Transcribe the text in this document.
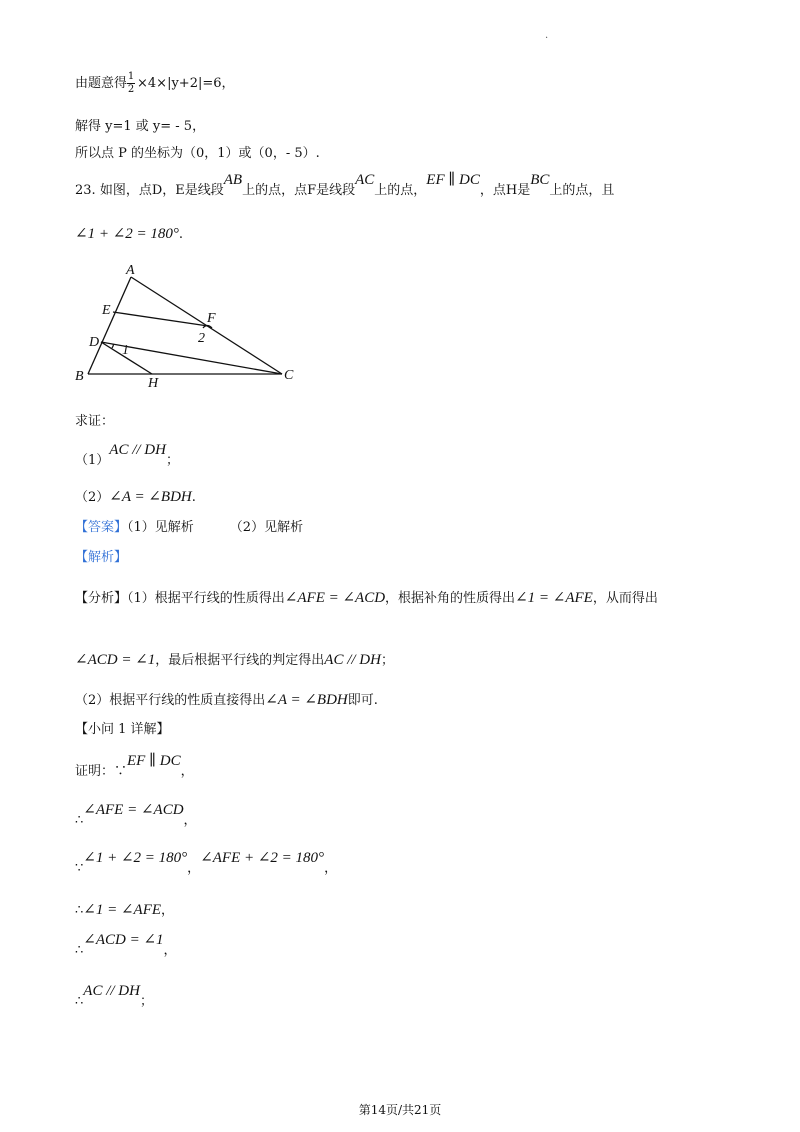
.
由题意得 $\frac{1}{2} \times 4\times|y+2|=6$，
解得 y=1 或 y= - 5，
所以点 P 的坐标为（0，1）或（0，- 5）.
23. 如图，点D，E是线段AB上的点，点F是线段AC上的点，EF ∥ DC，点H是BC上的点，且
∠1 + ∠2 = 180°.
A
E
F
2
D
1
B	H
C
求证：
（1）AC // DH；
（2）∠A = ∠BDH.
【答案】（1）见解析	（2）见解析
【解析】
【分析】（1）根据平行线的性质得出∠AFE = ∠ACD，根据补角的性质得出∠1 = ∠AFE，从而得出
∠ACD = ∠1，最后根据平行线的判定得出AC // DH；
（2）根据平行线的性质直接得出∠A = ∠BDH即可.
【小问 1 详解】
证明：∵EF ∥ DC，
∴∠AFE = ∠ACD，
∵∠1 + ∠2 = 180°，∠AFE + ∠2 = 180°，
∴∠1 = ∠AFE，
∴∠ACD = ∠1，
∴AC // DH；
第14页/共21页
